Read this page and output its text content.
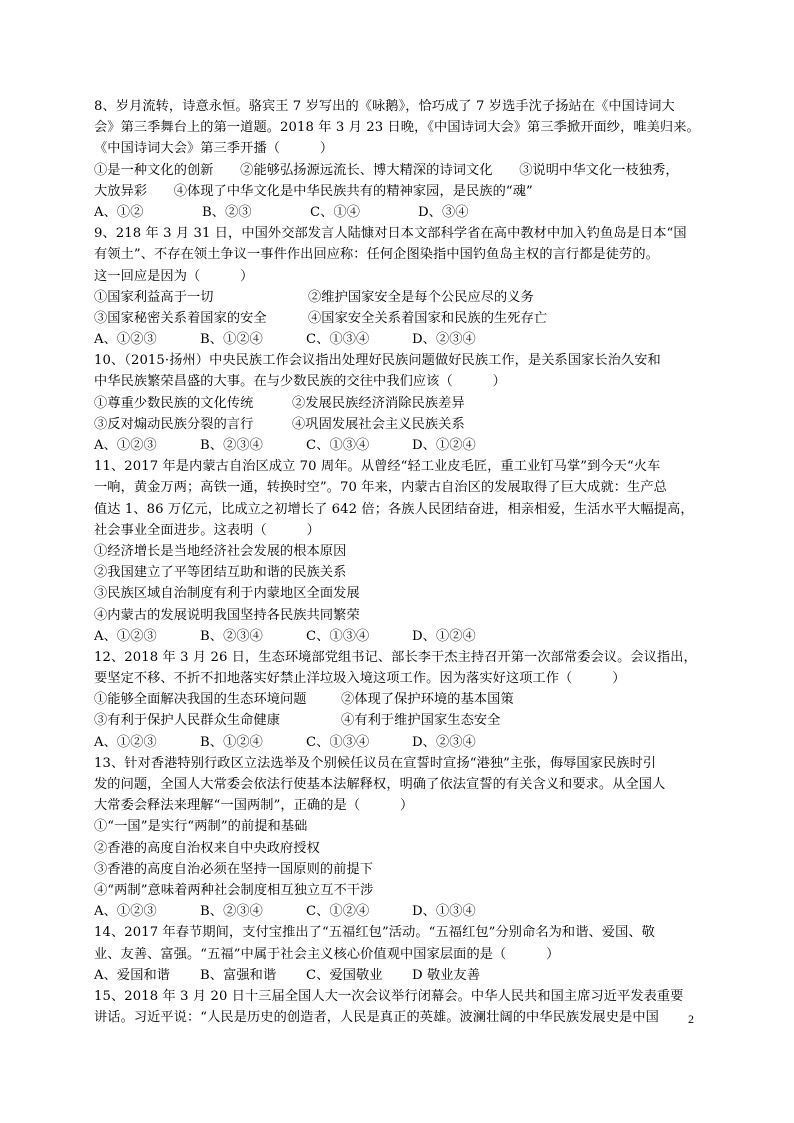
8、岁月流转，诗意永恒。骆宾王 7 岁写出的《咏鹅》，恰巧成了 7 岁选手沈子扬站在《中国诗词大
会》第三季舞台上的第一道题。2018 年 3 月 23 日晚，《中国诗词大会》第三季掀开面纱，唯美归来。
《中国诗词大会》第三季开播（　　　）
①是一种文化的创新　　②能够弘扬源远流长、博大精深的诗词文化　　③说明中华文化一枝独秀，
大放异彩　　④体现了中华文化是中华民族共有的精神家园，是民族的“魂”
A、①②	B、②③	C、①④	D、③④
9、218 年 3 月 31 日，中国外交部发言人陆慷对日本文部科学省在高中教材中加入钓鱼岛是日本“国
有领土”、不存在领土争议一事件作出回应称：任何企图染指中国钓鱼岛主权的言行都是徒劳的。
这一回应是因为（　　　）
①国家利益高于一切	②维护国家安全是每个公民应尽的义务
③国家秘密关系着国家的安全	④国家安全关系着国家和民族的生死存亡
A、①②③	B、①②④	C、①③④	D、②③④
10、（2015·扬州）中央民族工作会议指出处理好民族问题做好民族工作，是关系国家长治久安和
中华民族繁荣昌盛的大事。在与少数民族的交往中我们应该（　　　）
①尊重少数民族的文化传统	②发展民族经济消除民族差异
③反对煽动民族分裂的言行	④巩固发展社会主义民族关系
A、①②③	B、②③④	C、①③④	D、①②④
11、2017 年是内蒙古自治区成立 70 周年。从曾经“轻工业皮毛匠，重工业钉马掌”到今天“火车
一响，黄金万两；高铁一通，转换时空”。70 年来，内蒙古自治区的发展取得了巨大成就：生产总
值达 1、86 万亿元，比成立之初增长了 642 倍；各族人民团结奋进，相亲相爱，生活水平大幅提高，
社会事业全面进步。这表明（　　　）
①经济增长是当地经济社会发展的根本原因
②我国建立了平等团结互助和谐的民族关系
③民族区域自治制度有利于内蒙地区全面发展
④内蒙古的发展说明我国坚持各民族共同繁荣
A、①②③	B、②③④	C、①③④	D、①②④
12、2018 年 3 月 26 日，生态环境部党组书记、部长李干杰主持召开第一次部常委会议。会议指出，
要坚定不移、不折不扣地落实好禁止洋垃圾入境这项工作。因为落实好这项工作（　　　）
①能够全面解决我国的生态环境问题	②体现了保护环境的基本国策
③有利于保护人民群众生命健康	④有利于维护国家生态安全
A、①②③	B、①②④	C、①③④	D、②③④
13、针对香港特别行政区立法选举及个别候任议员在宣誓时宣扬“港独”主张，侮辱国家民族时引
发的问题，全国人大常委会依法行使基本法解释权，明确了依法宣誓的有关含义和要求。从全国人
大常委会释法来理解“一国两制”，正确的是（　　　）
①“一国”是实行“两制”的前提和基础
②香港的高度自治权来自中央政府授权
③香港的高度自治必须在坚持一国原则的前提下
④“两制”意味着两种社会制度相互独立互不干涉
A、①②③	B、②③④	C、①②④	D、①③④
14、2017 年春节期间，支付宝推出了“五福红包”活动。“五福红包”分别命名为和谐、爱国、敬
业、友善、富强。“五福”中属于社会主义核心价值观中国家层面的是（　　　）
A、爱国和谐	B、富强和谐	C、爱国敬业	D 敬业友善
15、2018 年 3 月 20 日十三届全国人大一次会议举行闭幕会。中华人民共和国主席习近平发表重要
讲话。习近平说：“人民是历史的创造者，人民是真正的英雄。波澜壮阔的中华民族发展史是中国	2
